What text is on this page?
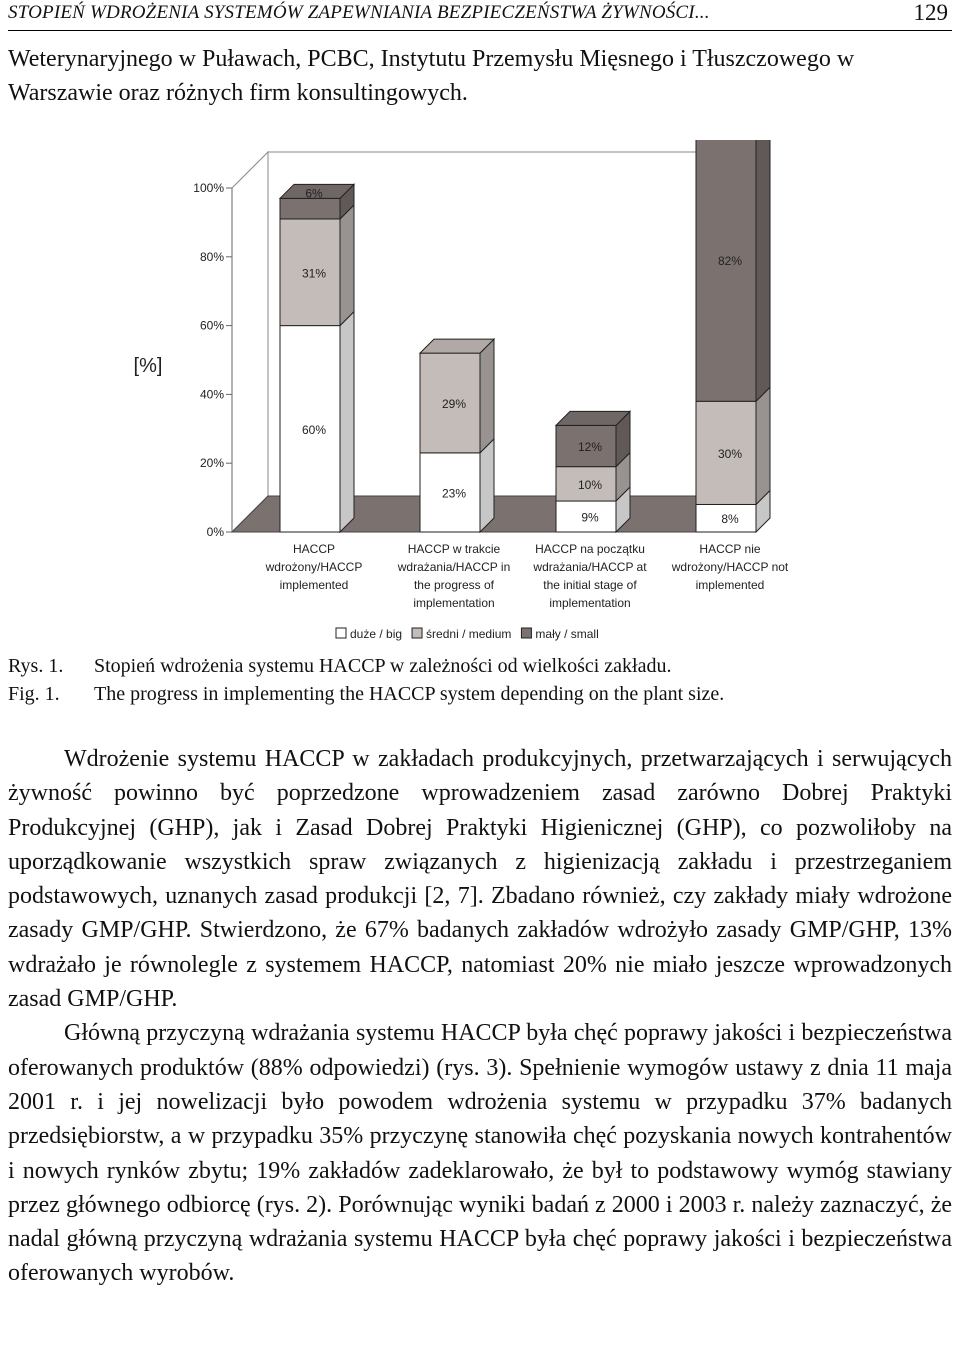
STOPIEŃ WDROŻENIA SYSTEMÓW ZAPEWNIANIA BEZPIECZEŃSTWA ŻYWNOŚCI...	129

Weterynaryjnego w Puławach, PCBC, Instytutu Przemysłu Mięsnego i Tłuszczowego w Warszawie oraz różnych firm konsultingowych.

0%
20%
40%
60%
80%
100%
[%]
60%
31%
6%
HACCP
wdrożony/HACCP
implemented
23%
29%
HACCP w trakcie
wdrażania/HACCP in
the progress of
implementation
9%
10%
12%
HACCP na początku
wdrażania/HACCP at
the initial stage of
implementation
8%
30%
82%
HACCP nie
wdrożony/HACCP not
implemented
duże / big średni / medium mały / small
Rys. 1. Stopień wdrożenia systemu HACCP w zależności od wielkości zakładu.
Fig. 1. The progress in implementing the HACCP system depending on the plant size.

Wdrożenie systemu HACCP w zakładach produkcyjnych, przetwarzających i serwujących żywność powinno być poprzedzone wprowadzeniem zasad zarówno Dobrej Praktyki Produkcyjnej (GHP), jak i Zasad Dobrej Praktyki Higienicznej (GHP), co pozwoliłoby na uporządkowanie wszystkich spraw związanych z higienizacją zakładu i przestrzeganiem podstawowych, uznanych zasad produkcji [2, 7]. Zbadano również, czy zakłady miały wdrożone zasady GMP/GHP. Stwierdzono, że 67% badanych zakładów wdrożyło zasady GMP/GHP, 13% wdrażało je równolegle z systemem HACCP, natomiast 20% nie miało jeszcze wprowadzonych zasad GMP/GHP.

Główną przyczyną wdrażania systemu HACCP była chęć poprawy jakości i bezpieczeństwa oferowanych produktów (88% odpowiedzi) (rys. 3). Spełnienie wymogów ustawy z dnia 11 maja 2001 r. i jej nowelizacji było powodem wdrożenia systemu w przypadku 37% badanych przedsiębiorstw, a w przypadku 35% przyczynę stanowiła chęć pozyskania nowych kontrahentów i nowych rynków zbytu; 19% zakładów zadeklarowało, że był to podstawowy wymóg stawiany przez głównego odbiorcę (rys. 2). Porównując wyniki badań z 2000 i 2003 r. należy zaznaczyć, że nadal główną przyczyną wdrażania systemu HACCP była chęć poprawy jakości i bezpieczeństwa oferowanych wyrobów.
